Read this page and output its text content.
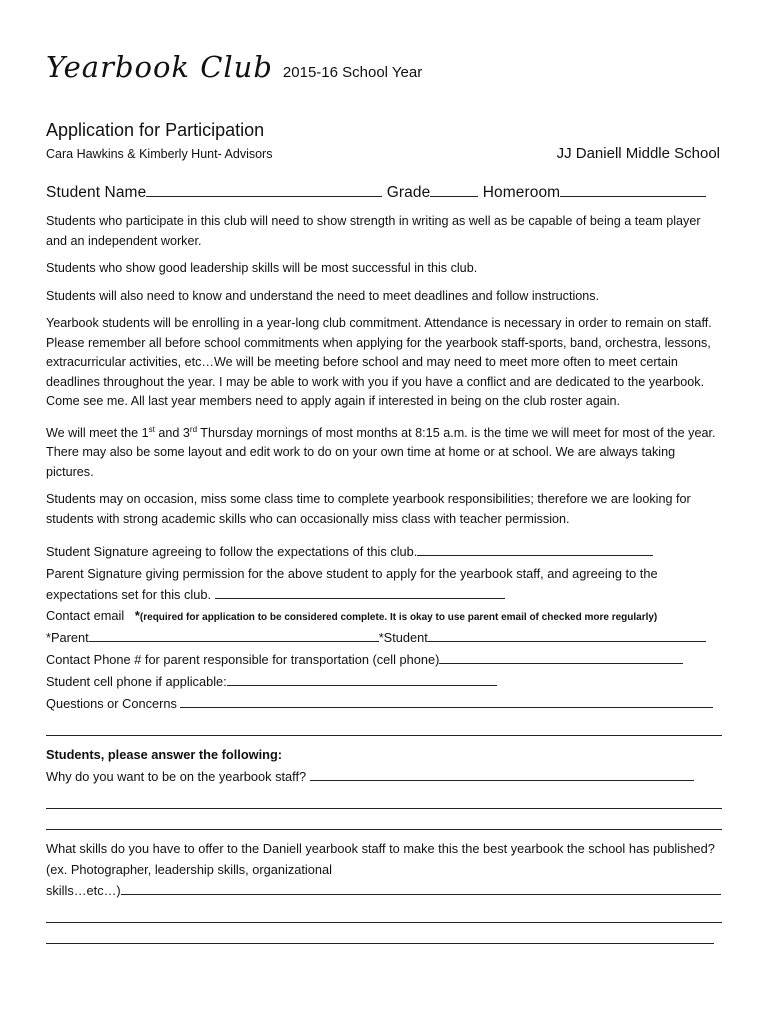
Yearbook Club 2015-16 School Year
Application for Participation
Cara Hawkins & Kimberly Hunt- Advisors	JJ Daniell Middle School
Student Name	Grade	Homeroom
Students who participate in this club will need to show strength in writing as well as be capable of being a team player and an independent worker.
Students who show good leadership skills will be most successful in this club.
Students will also need to know and understand the need to meet deadlines and follow instructions.
Yearbook students will be enrolling in a year-long club commitment. Attendance is necessary in order to remain on staff. Please remember all before school commitments when applying for the yearbook staff-sports, band, orchestra, lessons, extracurricular activities, etc…We will be meeting before school and may need to meet more often to meet certain deadlines throughout the year. I may be able to work with you if you have a conflict and are dedicated to the yearbook. Come see me. All last year members need to apply again if interested in being on the club roster again.
We will meet the 1st and 3rd Thursday mornings of most months at 8:15 a.m. is the time we will meet for most of the year. There may also be some layout and edit work to do on your own time at home or at school. We are always taking pictures.
Students may on occasion, miss some class time to complete yearbook responsibilities; therefore we are looking for students with strong academic skills who can occasionally miss class with teacher permission.
Student Signature agreeing to follow the expectations of this club.
Parent Signature giving permission for the above student to apply for the yearbook staff, and agreeing to the expectations set for this club.
Contact email *(required for application to be considered complete. It is okay to use parent email of checked more regularly)
*Parent	*Student
Contact Phone # for parent responsible for transportation (cell phone)
Student cell phone if applicable:
Questions or Concerns
Students, please answer the following:
Why do you want to be on the yearbook staff?
What skills do you have to offer to the Daniell yearbook staff to make this the best yearbook the school has published? (ex. Photographer, leadership skills, organizational
skills…etc…)
